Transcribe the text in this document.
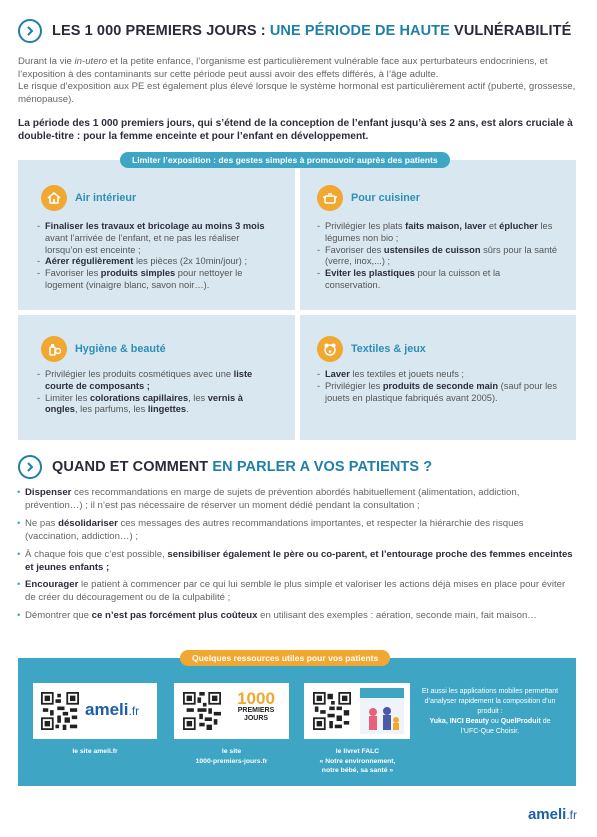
LES 1 000 PREMIERS JOURS : UNE PÉRIODE DE HAUTE VULNÉRABILITÉ

Durant la vie in-utero et la petite enfance, l’organisme est particulièrement vulnérable face aux perturbateurs endocriniens, et l’exposition à des contaminants sur cette période peut aussi avoir des effets différés, à l’âge adulte.

Le risque d’exposition aux PE est également plus élevé lorsque le système hormonal est particulièrement actif (puberté, grossesse, ménopause).

La période des 1 000 premiers jours, qui s’étend de la conception de l’enfant jusqu’à ses 2 ans, est alors cruciale à double-titre : pour la femme enceinte et pour l’enfant en développement.
Limiter l’exposition : des gestes simples à promouvoir auprès des patients
Air intérieur
- Finaliser les travaux et bricolage au moins 3 mois avant l’arrivée de l’enfant, et ne pas les réaliser lorsqu’on est enceinte ;
- Aérer régulièrement les pièces (2x 10min/jour) ;
- Favoriser les produits simples pour nettoyer le logement (vinaigre blanc, savon noir…).
Pour cuisiner
- Privilégier les plats faits maison, laver et éplucher les légumes non bio ;
- Favoriser des ustensiles de cuisson sûrs pour la santé (verre, inox,...) ;
- Eviter les plastiques pour la cuisson et la conservation.
Hygiène & beauté
- Privilégier les produits cosmétiques avec une liste courte de composants ;
- Limiter les colorations capillaires, les vernis à ongles, les parfums, les lingettes.
Textiles & jeux
- Laver les textiles et jouets neufs ;
- Privilégier les produits de seconde main (sauf pour les jouets en plastique fabriqués avant 2005).
QUAND ET COMMENT EN PARLER A VOS PATIENTS ?
• Dispenser ces recommandations en marge de sujets de prévention abordés habituellement (alimentation, addiction, prévention…) ; il n’est pas nécessaire de réserver un moment dédié pendant la consultation ;
• Ne pas désolidariser ces messages des autres recommandations importantes, et respecter la hiérarchie des risques (vaccination, addiction…) ;
• À chaque fois que c’est possible, sensibiliser également le père ou co-parent, et l’entourage proche des femmes enceintes et jeunes enfants ;
• Encourager le patient à commencer par ce qui lui semble le plus simple et valoriser les actions déjà mises en place pour éviter de créer du découragement ou de la culpabilité ;
• Démontrer que ce n’est pas forcément plus coûteux en utilisant des exemples : aération, seconde main, fait maison…
Quelques ressources utiles pour vos patients
ameli.fr
le site ameli.fr
1000
PREMIERS
JOURS
le site
1000-premiers-jours.fr
le livret FALC
« Notre environnement,
notre bébé, sa santé »
Et aussi les applications mobiles permettant d’analyser rapidement la composition d’un produit :
Yuka, INCI Beauty ou QuelProduit de l’UFC-Que Choisir.
ameli.fr
